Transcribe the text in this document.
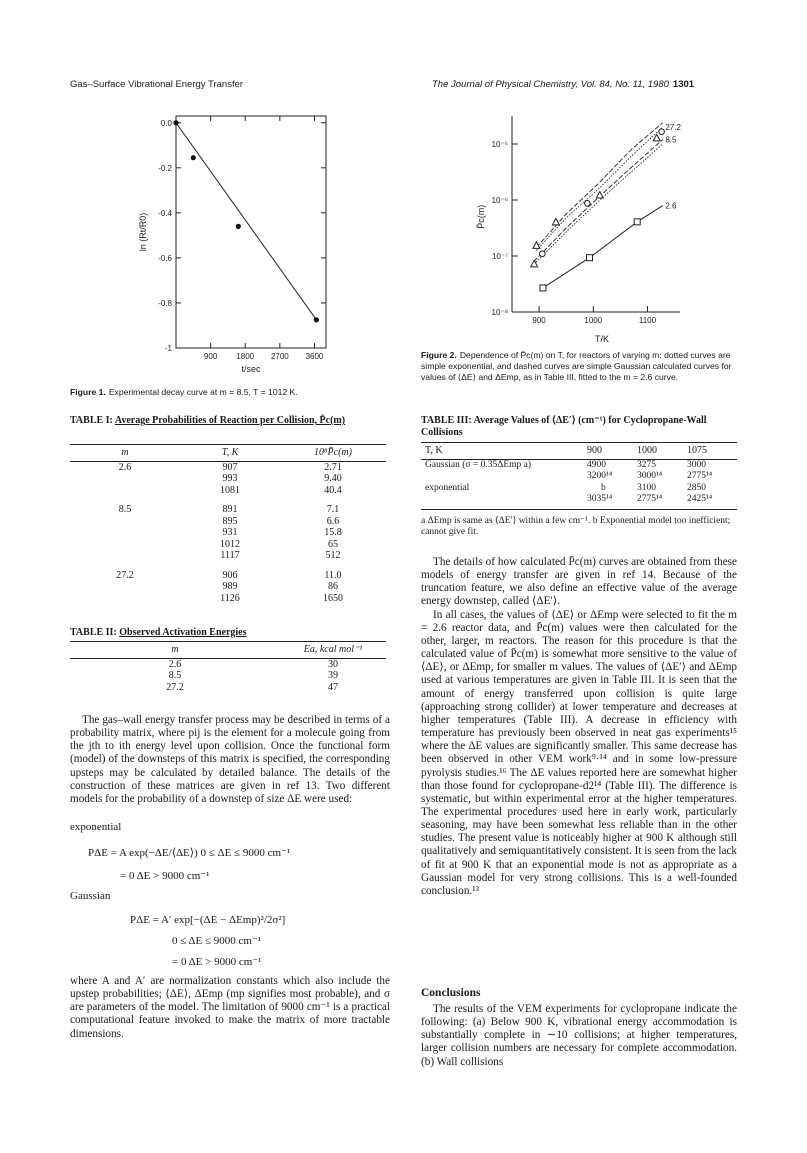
Gas–Surface Vibrational Energy Transfer	The Journal of Physical Chemistry, Vol. 84, No. 11, 1980 1301
0.0
-0.2
-0.4
-0.6
-0.8
-1
900 1800 2700 3600
t/sec
ln (Rt/R0)
Figure 1. Experimental decay curve at m = 8.5, T = 1012 K.
10⁻⁵
10⁻⁶
10⁻⁷
10⁻⁸
900	1000	1100
T/K
P̄c(m)
27.2
8.5
2.6
Figure 2. Dependence of P̄c(m) on T, for reactors of varying m: dotted curves are simple exponential, and dashed curves are simple Gaussian calculated curves for values of ⟨ΔE⟩ and ΔEmp, as in Table III, fitted to the m = 2.6 curve.
TABLE I: Average Probabilities of Reaction per Collision, P̄c(m)
m	T, K	10⁸P̄c(m)
2.6	907	2.71
	993	9.40
	1081	40.4
8.5	891	7.1
	895	6.6
	931	15.8
	1012	65
	1117	512
27.2	906	11.0
	989	86
	1126	1650
TABLE II: Observed Activation Energies
m	Ea, kcal mol⁻¹
2.6	30
8.5	39
27.2	47
TABLE III: Average Values of ⟨ΔE′⟩ (cm⁻¹) for Cyclopropane-Wall Collisions
T, K	900	1000	1075
Gaussian (σ = 0.35ΔEmp a)	4900	3275	3000
	3200¹⁴	3000¹⁴	2775¹⁴
exponential	b	3100	2850
	3035¹⁴	2775¹⁴	2425¹⁴
a ΔEmp is same as ⟨ΔE′⟩ within a few cm⁻¹. b Exponential model too inefficient; cannot give fit.

The gas–wall energy transfer process may be described in terms of a probability matrix, where pij is the element for a molecule going from the jth to ith energy level upon collision. Once the functional form (model) of the downsteps of this matrix is specified, the corresponding upsteps may be calculated by detailed balance. The details of the construction of these matrices are given in ref 13. Two different models for the probability of a downstep of size ΔE were used:

exponential
PΔE = A exp(−ΔE/⟨ΔE⟩) 0 ≤ ΔE ≤ 9000 cm⁻¹
= 0 ΔE > 9000 cm⁻¹
Gaussian
PΔE = A′ exp[−(ΔE − ΔEmp)²/2σ²]
0 ≤ ΔE ≤ 9000 cm⁻¹
= 0 ΔE > 9000 cm⁻¹

where A and A′ are normalization constants which also include the upstep probabilities; ⟨ΔE⟩, ΔEmp (mp signifies most probable), and σ are parameters of the model. The limitation of 9000 cm⁻¹ is a practical computational feature invoked to make the matrix of more tractable dimensions.

The details of how calculated P̄c(m) curves are obtained from these models of energy transfer are given in ref 14. Because of the truncation feature, we also define an effective value of the average energy downstep, called ⟨ΔE′⟩.

In all cases, the values of ⟨ΔE⟩ or ΔEmp were selected to fit the m = 2.6 reactor data, and P̄c(m) values were then calculated for the other, larger, m reactors. The reason for this procedure is that the calculated value of P̄c(m) is somewhat more sensitive to the value of ⟨ΔE⟩, or ΔEmp, for smaller m values. The values of ⟨ΔE′⟩ and ΔEmp used at various temperatures are given in Table III. It is seen that the amount of energy transferred upon collision is quite large (approaching strong collider) at lower temperature and decreases at higher temperatures (Table III). A decrease in efficiency with temperature has previously been observed in neat gas experiments¹⁵ where the ΔE values are significantly smaller. This same decrease has been observed in other VEM work⁹·¹⁴ and in some low-pressure pyrolysis studies.¹⁶ The ΔE values reported here are somewhat higher than those found for cyclopropane-d2¹⁴ (Table III). The difference is systematic, but within experimental error at the higher temperatures. The experimental procedures used here in early work, particularly seasoning, may have been somewhat less reliable than in the other studies. The present value is noticeably higher at 900 K although still qualitatively and semiquantitatively consistent. It is seen from the lack of fit at 900 K that an exponential mode is not as appropriate as a Gaussian model for very strong collisions. This is a well-founded conclusion.¹³

Conclusions

The results of the VEM experiments for cyclopropane indicate the following: (a) Below 900 K, vibrational energy accommodation is substantially complete in ∼10 collisions; at higher temperatures, larger collision numbers are necessary for complete accommodation. (b) Wall collisions
